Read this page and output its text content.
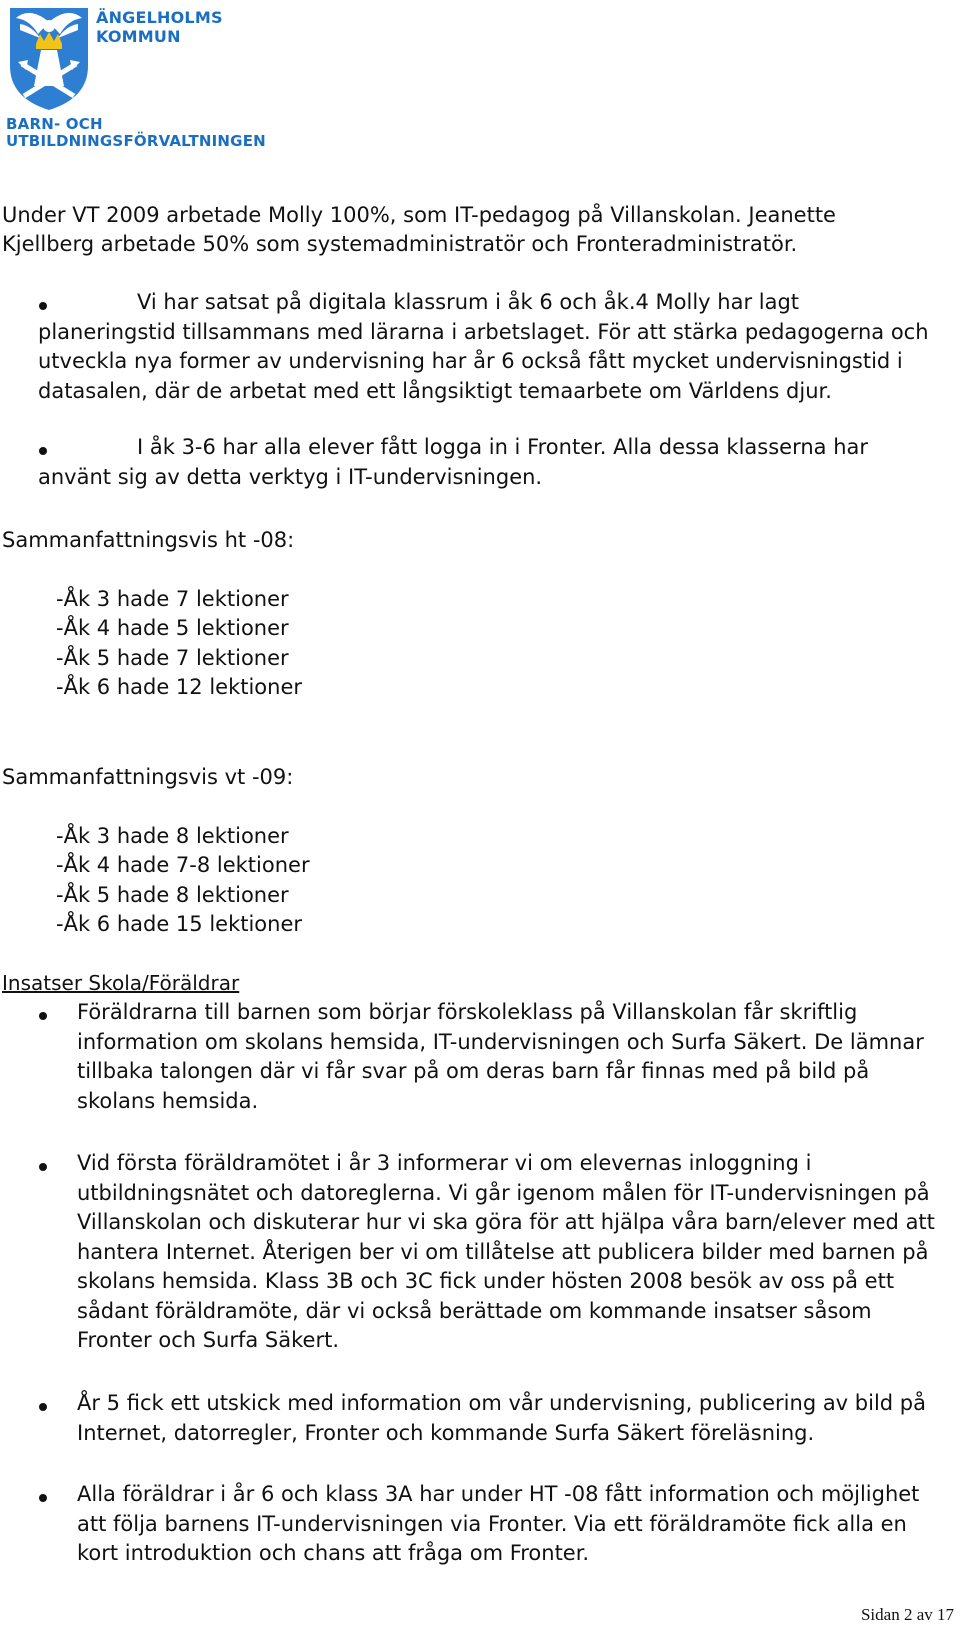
ÄNGELHOLMS
KOMMUN
BARN- OCH
UTBILDNINGSFÖRVALTNINGEN
Under VT 2009 arbetade Molly 100%, som IT-pedagog på Villanskolan. Jeanette
Kjellberg arbetade 50% som systemadministratör och Fronteradministratör.
Vi har satsat på digitala klassrum i åk 6 och åk.4 Molly har lagt
planeringstid tillsammans med lärarna i arbetslaget. För att stärka pedagogerna och
utveckla nya former av undervisning har år 6 också fått mycket undervisningstid i
datasalen, där de arbetat med ett långsiktigt temaarbete om Världens djur.
I åk 3-6 har alla elever fått logga in i Fronter. Alla dessa klasserna har
använt sig av detta verktyg i IT-undervisningen.
Sammanfattningsvis ht -08:
-Åk 3 hade 7 lektioner
-Åk 4 hade 5 lektioner
-Åk 5 hade 7 lektioner
-Åk 6 hade 12 lektioner
Sammanfattningsvis vt -09:
-Åk 3 hade 8 lektioner
-Åk 4 hade 7-8 lektioner
-Åk 5 hade 8 lektioner
-Åk 6 hade 15 lektioner
Insatser Skola/Föräldrar
Föräldrarna till barnen som börjar förskoleklass på Villanskolan får skriftlig
information om skolans hemsida, IT-undervisningen och Surfa Säkert. De lämnar
tillbaka talongen där vi får svar på om deras barn får finnas med på bild på
skolans hemsida.
Vid första föräldramötet i år 3 informerar vi om elevernas inloggning i
utbildningsnätet och datoreglerna. Vi går igenom målen för IT-undervisningen på
Villanskolan och diskuterar hur vi ska göra för att hjälpa våra barn/elever med att
hantera Internet. Återigen ber vi om tillåtelse att publicera bilder med barnen på
skolans hemsida. Klass 3B och 3C fick under hösten 2008 besök av oss på ett
sådant föräldramöte, där vi också berättade om kommande insatser såsom
Fronter och Surfa Säkert.
År 5 fick ett utskick med information om vår undervisning, publicering av bild på
Internet, datorregler, Fronter och kommande Surfa Säkert föreläsning.
Alla föräldrar i år 6 och klass 3A har under HT -08 fått information och möjlighet
att följa barnens IT-undervisningen via Fronter. Via ett föräldramöte fick alla en
kort introduktion och chans att fråga om Fronter.
Sidan 2 av 17
